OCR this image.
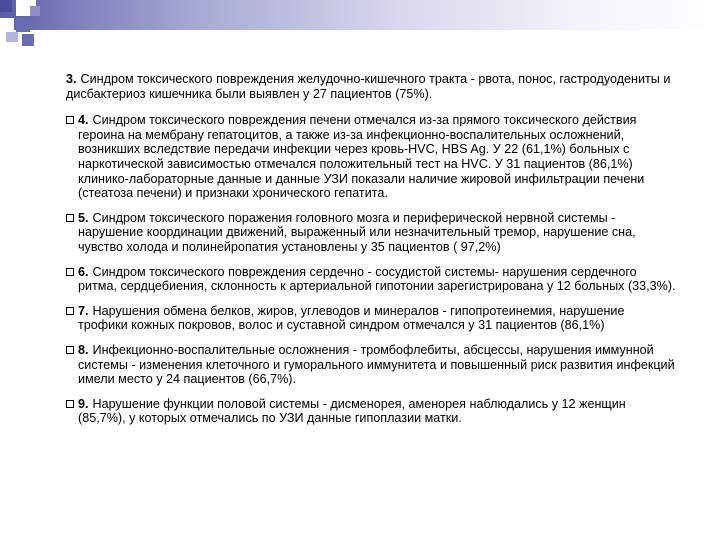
3. Синдром токсического повреждения желудочно-кишечного тракта - рвота, понос, гастродуодениты и дисбактериоз кишечника были выявлен у 27 пациентов (75%).
4. Синдром токсического повреждения печени отмечался из-за прямого токсического действия героина на мембрану гепатоцитов, а также из-за инфекционно-воспалительных осложнений, возникших вследствие передачи инфекции через кровь-HVC, HBS Ag. У 22 (61,1%) больных с наркотической зависимостью отмечался положительный тест на HVC. У 31 пациентов (86,1%) клинико-лабораторные данные и данные УЗИ показали наличие жировой инфильтрации печени (стеатоза печени) и признаки хронического гепатита.
5. Синдром токсического поражения головного мозга и периферической нервной системы - нарушение координации движений, выраженный или незначительный тремор, нарушение сна, чувство холода и полинейропатия установлены у 35 пациентов ( 97,2%)
6. Синдром токсического повреждения сердечно - сосудистой системы- нарушения сердечного ритма, сердцебиения, склонность к артериальной гипотонии зарегистрирована у 12 больных (33,3%).
7. Нарушения обмена белков, жиров, углеводов и минералов - гипопротеинемия, нарушение трофики кожных покровов, волос и суставной синдром отмечался у 31 пациентов (86,1%)
8. Инфекционно-воспалительные осложнения - тромбофлебиты, абсцессы, нарушения иммунной системы - изменения клеточного и гуморального иммунитета и повышенный риск развития инфекций имели место у 24 пациентов (66,7%).
9. Нарушение функции половой системы - дисменорея, аменорея наблюдались у 12 женщин (85,7%), у которых отмечались по УЗИ данные гипоплазии матки.
